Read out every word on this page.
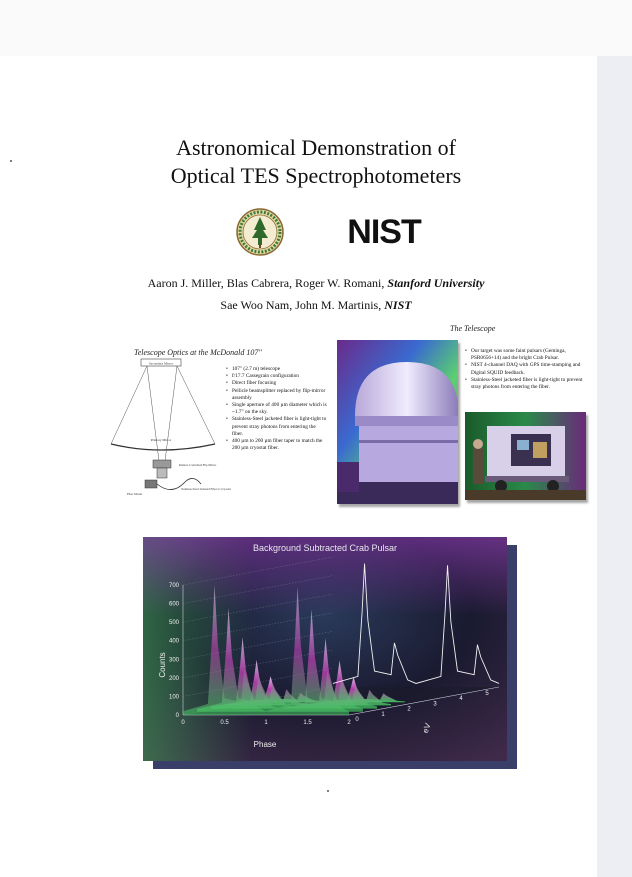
Astronomical Demonstration of
Optical TES Spectrophotometers
NIST
Aaron J. Miller, Blas Cabrera, Roger W. Romani, Stanford University
Sae Woo Nam, John M. Martinis, NIST
Telescope Optics at the McDonald 107"
Secondary Mirror
Primary Mirror
Remote Controlled Flip Mirror
Fiber Mount
Stainless-Steel Jacketed Fiber to Cryostat
• 107" (2.7 m) telescope
• f/17.7 Cassegrain configuration
• Direct fiber focusing
• Pellicle beamsplitter replaced by flip-mirror assembly
• Single aperture of 400 µm diameter which is ~1.7" on the sky.
• Stainless-Steel jacketed fiber is light-tight to prevent stray photons from entering the fiber.
• 400 µm to 200 µm fiber taper to match the 200 µm cryostat fiber.
The Telescope
• Our target was some faint pulsars (Geminga, PSR0656+14) and the bright Crab Pulsar.
• NIST 4-channel DAQ with GPS time-stamping and Digital SQUID feedback.
• Stainless-Steel jacketed fiber is light-tight to prevent stray photons from entering the fiber.
0
100
200
300
400
500
600
700
0	0.5	1	1.5	2 0
1
2
3
4
5
Counts
Phase
eV
Background Subtracted Crab Pulsar
